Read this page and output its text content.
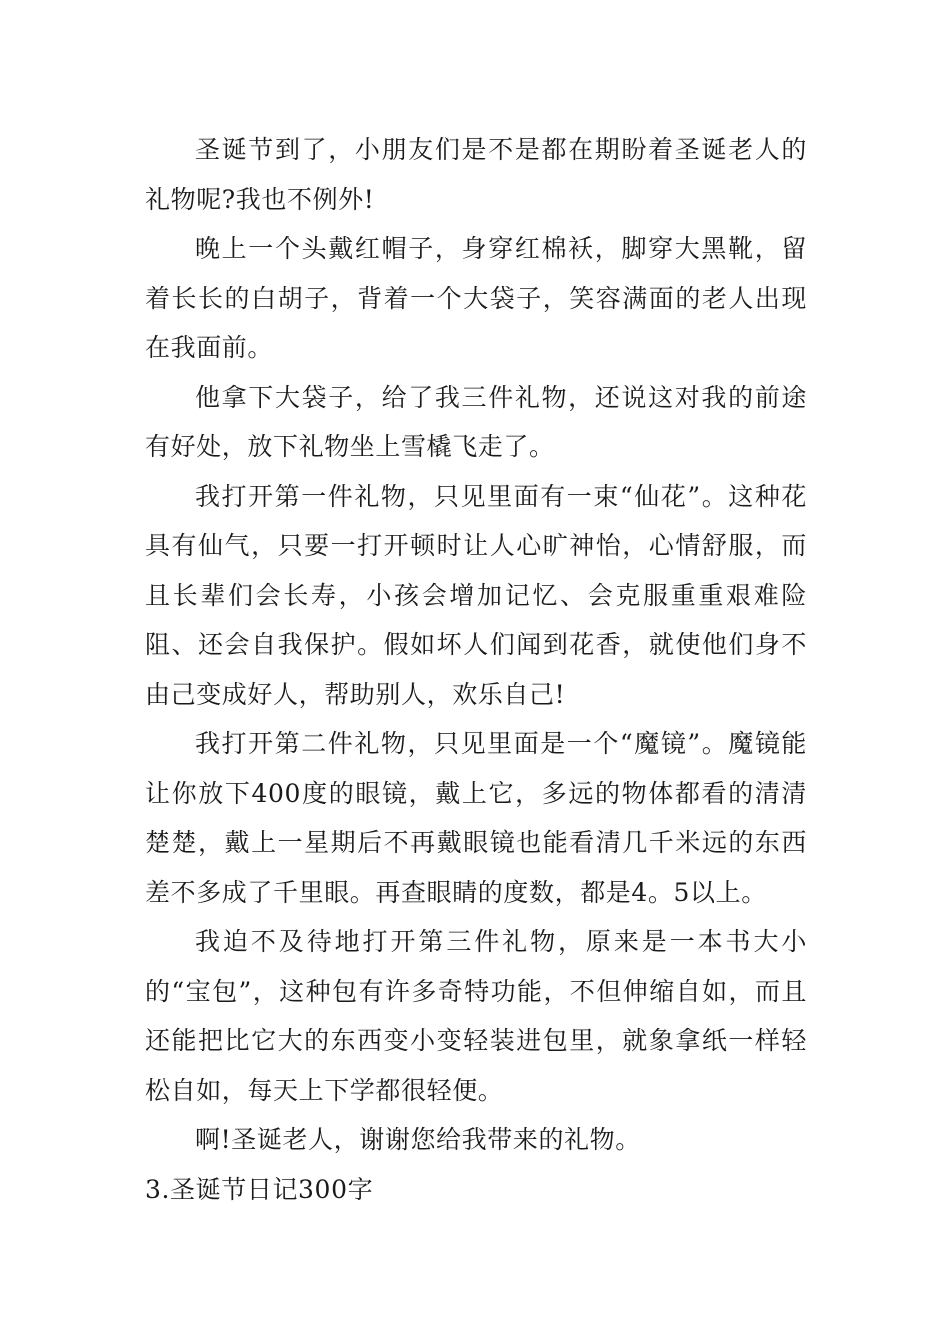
圣诞节到了，小朋友们是不是都在期盼着圣诞老人的礼物呢?我也不例外!

晚上一个头戴红帽子，身穿红棉袄，脚穿大黑靴，留着长长的白胡子，背着一个大袋子，笑容满面的老人出现在我面前。

他拿下大袋子，给了我三件礼物，还说这对我的前途有好处，放下礼物坐上雪橇飞走了。

我打开第一件礼物，只见里面有一束“仙花”。这种花具有仙气，只要一打开顿时让人心旷神怡，心情舒服，而且长辈们会长寿，小孩会增加记忆、会克服重重艰难险阻、还会自我保护。假如坏人们闻到花香，就使他们身不由己变成好人，帮助别人，欢乐自己!

我打开第二件礼物，只见里面是一个“魔镜”。魔镜能让你放下400度的眼镜，戴上它，多远的物体都看的清清楚楚，戴上一星期后不再戴眼镜也能看清几千米远的东西差不多成了千里眼。再查眼睛的度数，都是4。5以上。

我迫不及待地打开第三件礼物，原来是一本书大小的“宝包”，这种包有许多奇特功能，不但伸缩自如，而且还能把比它大的东西变小变轻装进包里，就象拿纸一样轻松自如，每天上下学都很轻便。

啊!圣诞老人，谢谢您给我带来的礼物。

3.圣诞节日记300字
